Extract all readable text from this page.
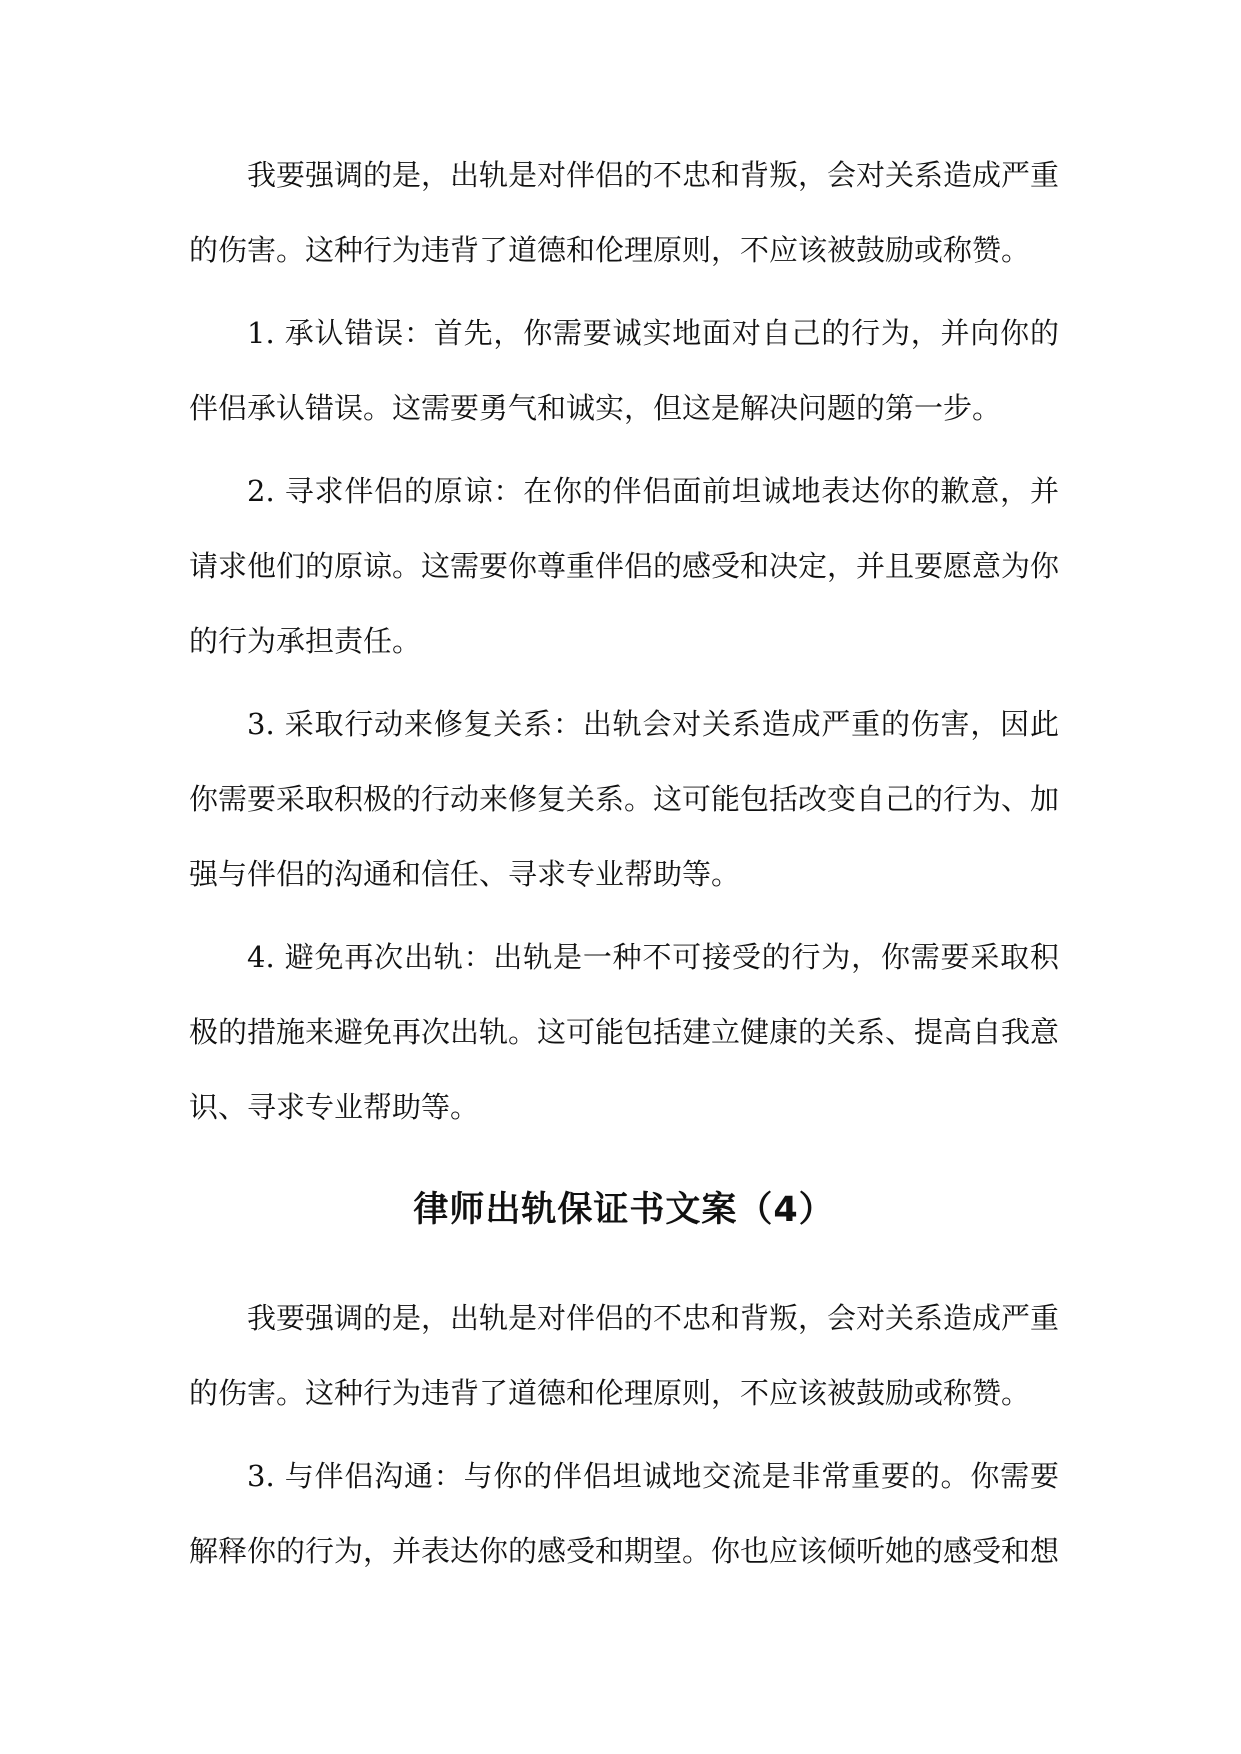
我要强调的是，出轨是对伴侣的不忠和背叛，会对关系造成严重的伤害。这种行为违背了道德和伦理原则，不应该被鼓励或称赞。

1. 承认错误：首先，你需要诚实地面对自己的行为，并向你的伴侣承认错误。这需要勇气和诚实，但这是解决问题的第一步。

2. 寻求伴侣的原谅：在你的伴侣面前坦诚地表达你的歉意，并请求他们的原谅。这需要你尊重伴侣的感受和决定，并且要愿意为你的行为承担责任。

3. 采取行动来修复关系：出轨会对关系造成严重的伤害，因此你需要采取积极的行动来修复关系。这可能包括改变自己的行为、加强与伴侣的沟通和信任、寻求专业帮助等。

4. 避免再次出轨：出轨是一种不可接受的行为，你需要采取积极的措施来避免再次出轨。这可能包括建立健康的关系、提高自我意识、寻求专业帮助等。

律师出轨保证书文案（4）

我要强调的是，出轨是对伴侣的不忠和背叛，会对关系造成严重的伤害。这种行为违背了道德和伦理原则，不应该被鼓励或称赞。

3. 与伴侣沟通：与你的伴侣坦诚地交流是非常重要的。你需要解释你的行为，并表达你的感受和期望。你也应该倾听她的感受和想
